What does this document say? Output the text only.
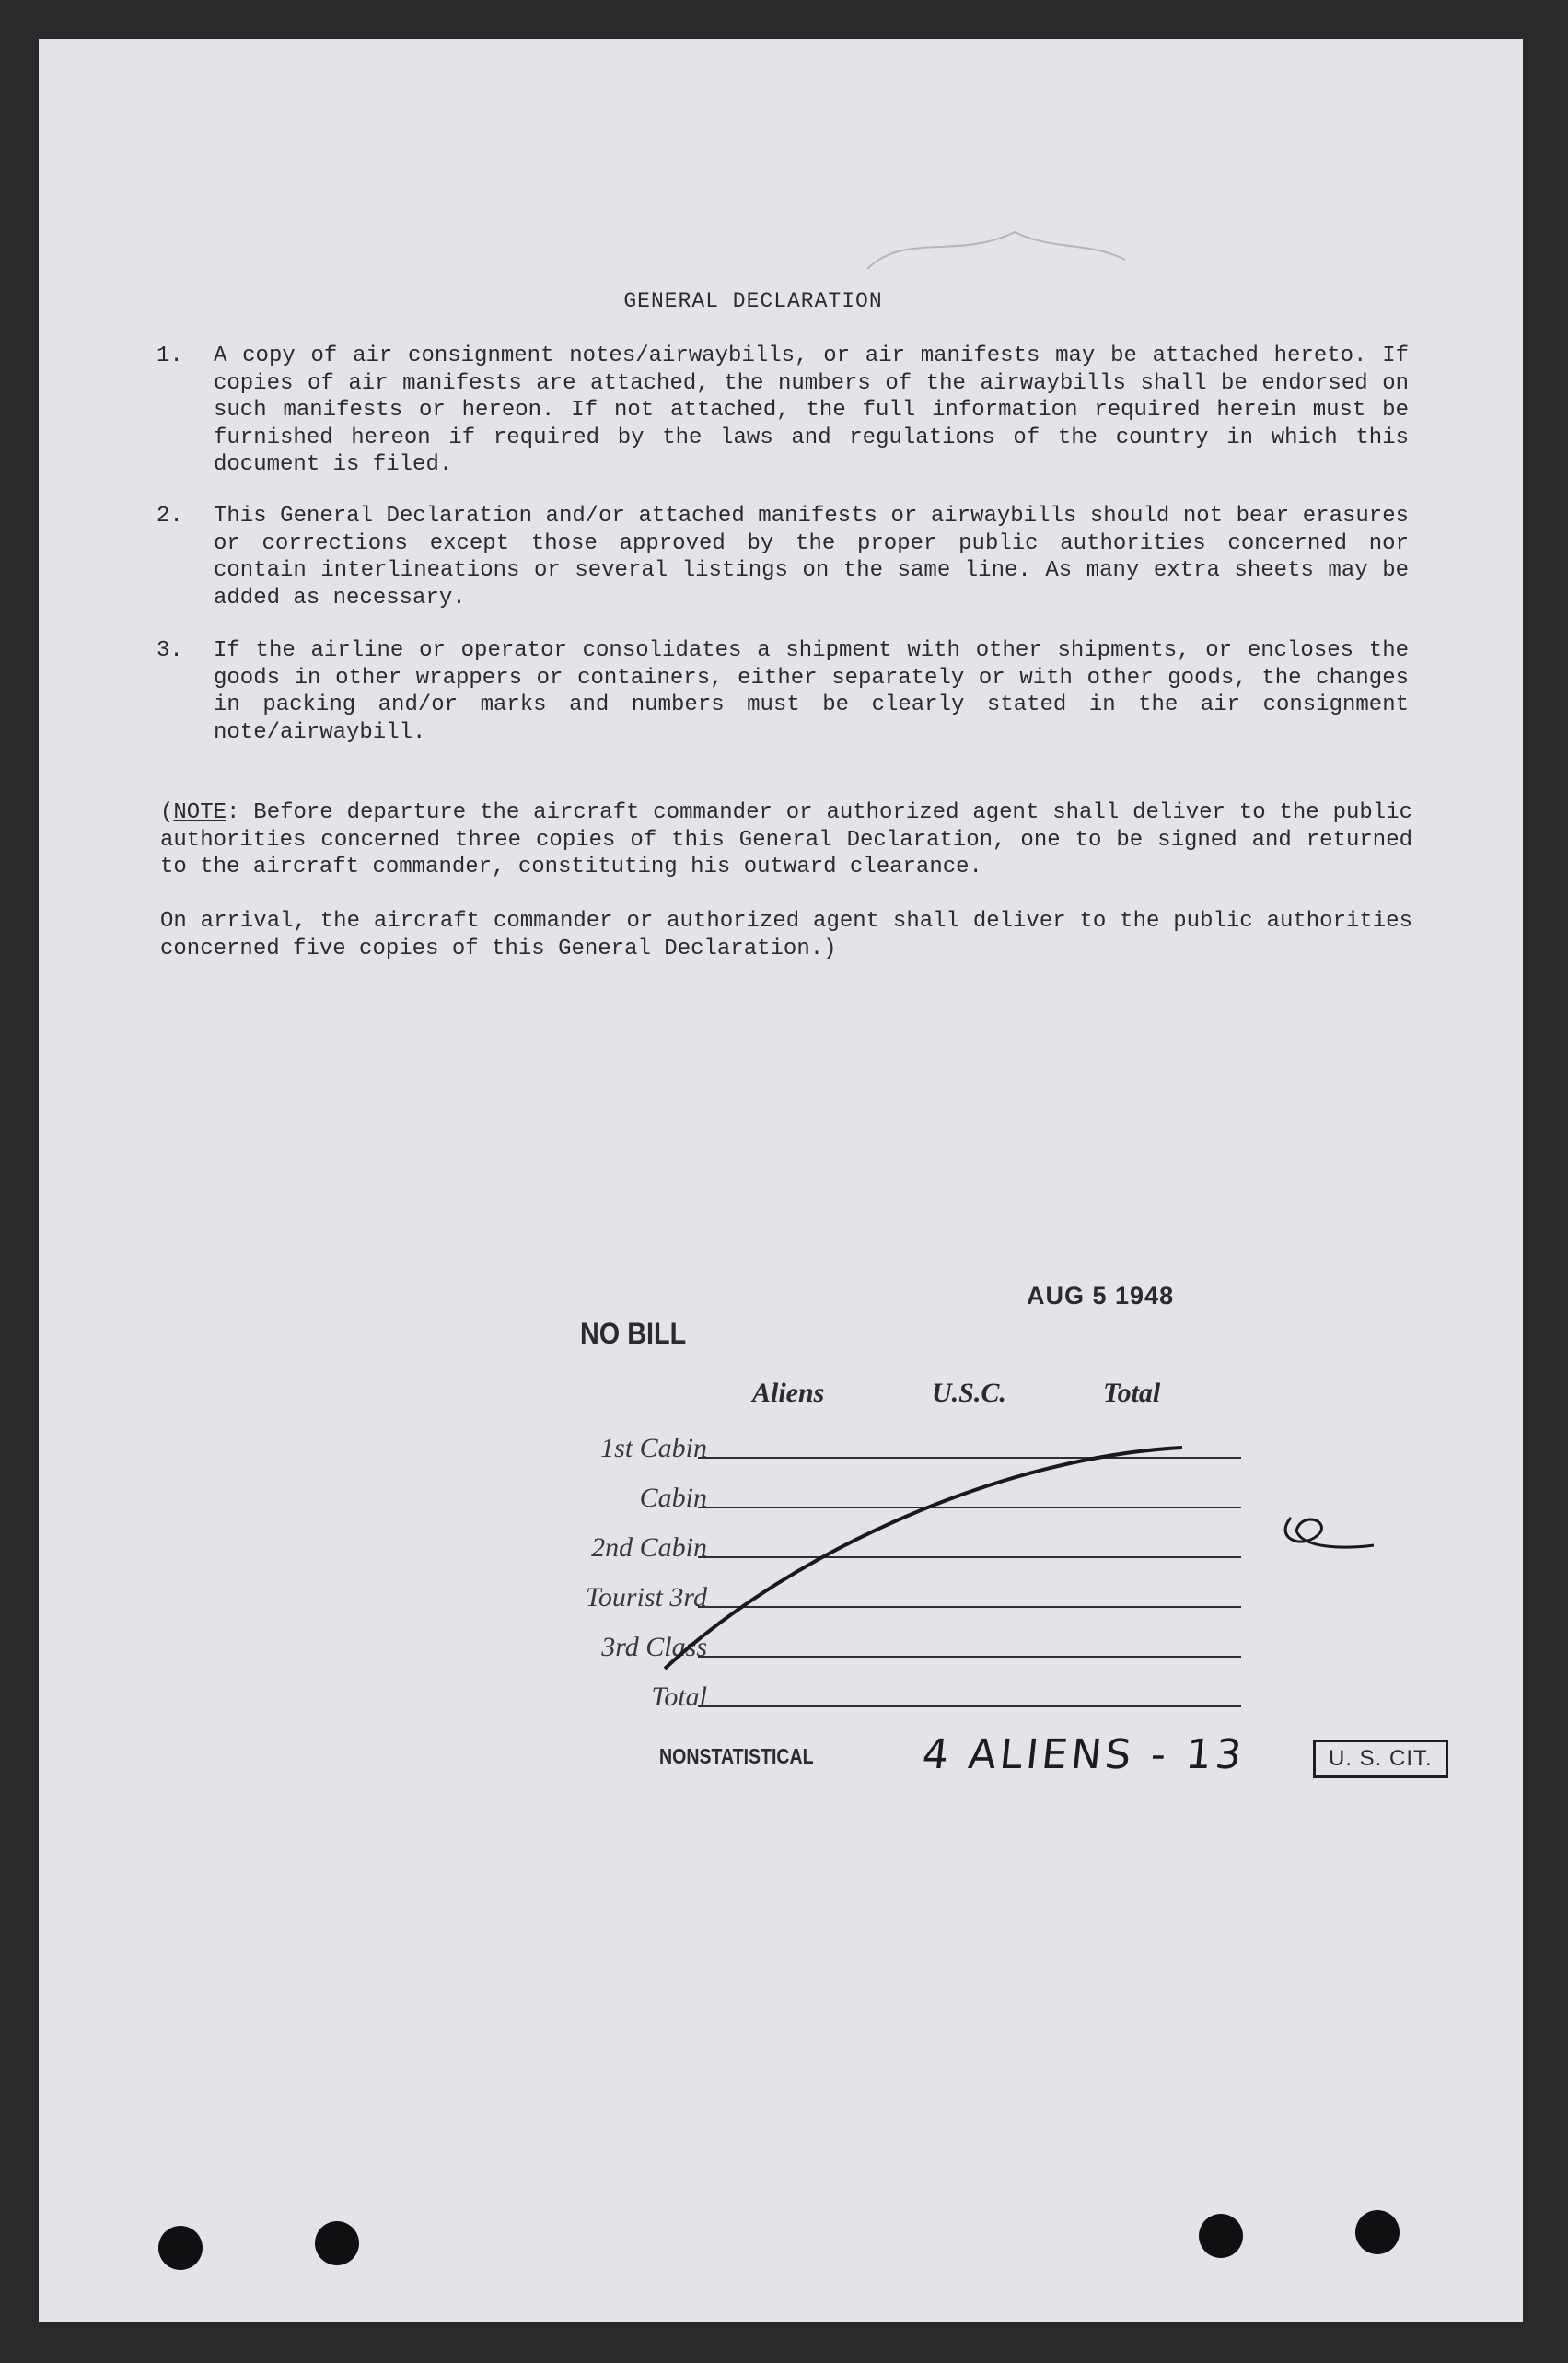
GENERAL DECLARATION
1. A copy of air consignment notes/airwaybills, or air manifests may be attached hereto. If copies of air manifests are attached, the numbers of the airwaybills shall be endorsed on such manifests or hereon. If not attached, the full information required herein must be furnished hereon if required by the laws and regulations of the country in which this document is filed.
2. This General Declaration and/or attached manifests or airwaybills should not bear erasures or corrections except those approved by the proper public authorities concerned nor contain interlineations or several listings on the same line. As many extra sheets may be added as necessary.
3. If the airline or operator consolidates a shipment with other shipments, or encloses the goods in other wrappers or containers, either separately or with other goods, the changes in packing and/or marks and numbers must be clearly stated in the air consignment note/airwaybill.
(NOTE: Before departure the aircraft commander or authorized agent shall deliver to the public authorities concerned three copies of this General Declaration, one to be signed and returned to the aircraft commander, constituting his outward clearance.
On arrival, the aircraft commander or authorized agent shall deliver to the public authorities concerned five copies of this General Declaration.)
AUG 5 1948
NO BILL
Aliens	U.S.C.	Total
1st Cabin
Cabin
2nd Cabin
Tourist 3rd
3rd Class
Total
NONSTATISTICAL	4 ALIENS - 13	U. S. CIT.
